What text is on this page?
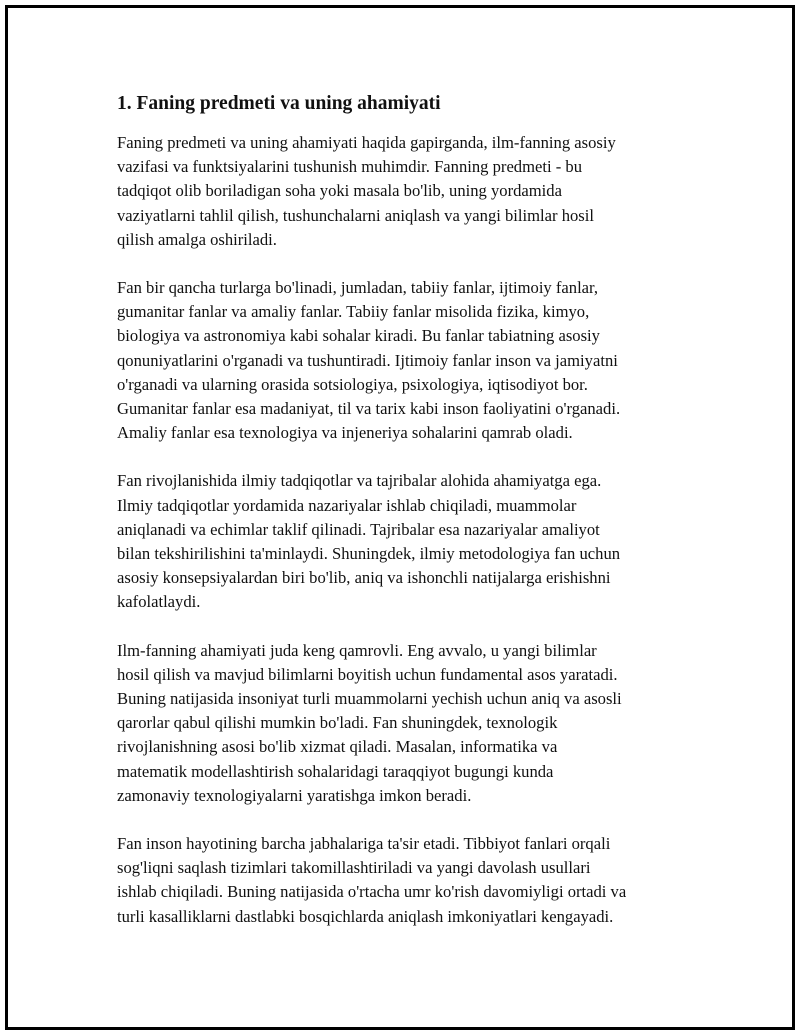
1. Faning predmeti va uning ahamiyati
Faning predmeti va uning ahamiyati haqida gapirganda, ilm-fanning asosiy
vazifasi va funktsiyalarini tushunish muhimdir. Fanning predmeti - bu
tadqiqot olib boriladigan soha yoki masala bo'lib, uning yordamida
vaziyatlarni tahlil qilish, tushunchalarni aniqlash va yangi bilimlar hosil
qilish amalga oshiriladi.
Fan bir qancha turlarga bo'linadi, jumladan, tabiiy fanlar, ijtimoiy fanlar,
gumanitar fanlar va amaliy fanlar. Tabiiy fanlar misolida fizika, kimyo,
biologiya va astronomiya kabi sohalar kiradi. Bu fanlar tabiatning asosiy
qonuniyatlarini o'rganadi va tushuntiradi. Ijtimoiy fanlar inson va jamiyatni
o'rganadi va ularning orasida sotsiologiya, psixologiya, iqtisodiyot bor.
Gumanitar fanlar esa madaniyat, til va tarix kabi inson faoliyatini o'rganadi.
Amaliy fanlar esa texnologiya va injeneriya sohalarini qamrab oladi.
Fan rivojlanishida ilmiy tadqiqotlar va tajribalar alohida ahamiyatga ega.
Ilmiy tadqiqotlar yordamida nazariyalar ishlab chiqiladi, muammolar
aniqlanadi va echimlar taklif qilinadi. Tajribalar esa nazariyalar amaliyot
bilan tekshirilishini ta'minlaydi. Shuningdek, ilmiy metodologiya fan uchun
asosiy konsepsiyalardan biri bo'lib, aniq va ishonchli natijalarga erishishni
kafolatlaydi.
Ilm-fanning ahamiyati juda keng qamrovli. Eng avvalo, u yangi bilimlar
hosil qilish va mavjud bilimlarni boyitish uchun fundamental asos yaratadi.
Buning natijasida insoniyat turli muammolarni yechish uchun aniq va asosli
qarorlar qabul qilishi mumkin bo'ladi. Fan shuningdek, texnologik
rivojlanishning asosi bo'lib xizmat qiladi. Masalan, informatika va
matematik modellashtirish sohalaridagi taraqqiyot bugungi kunda
zamonaviy texnologiyalarni yaratishga imkon beradi.
Fan inson hayotining barcha jabhalariga ta'sir etadi. Tibbiyot fanlari orqali
sog'liqni saqlash tizimlari takomillashtiriladi va yangi davolash usullari
ishlab chiqiladi. Buning natijasida o'rtacha umr ko'rish davomiyligi ortadi va
turli kasalliklarni dastlabki bosqichlarda aniqlash imkoniyatlari kengayadi.
